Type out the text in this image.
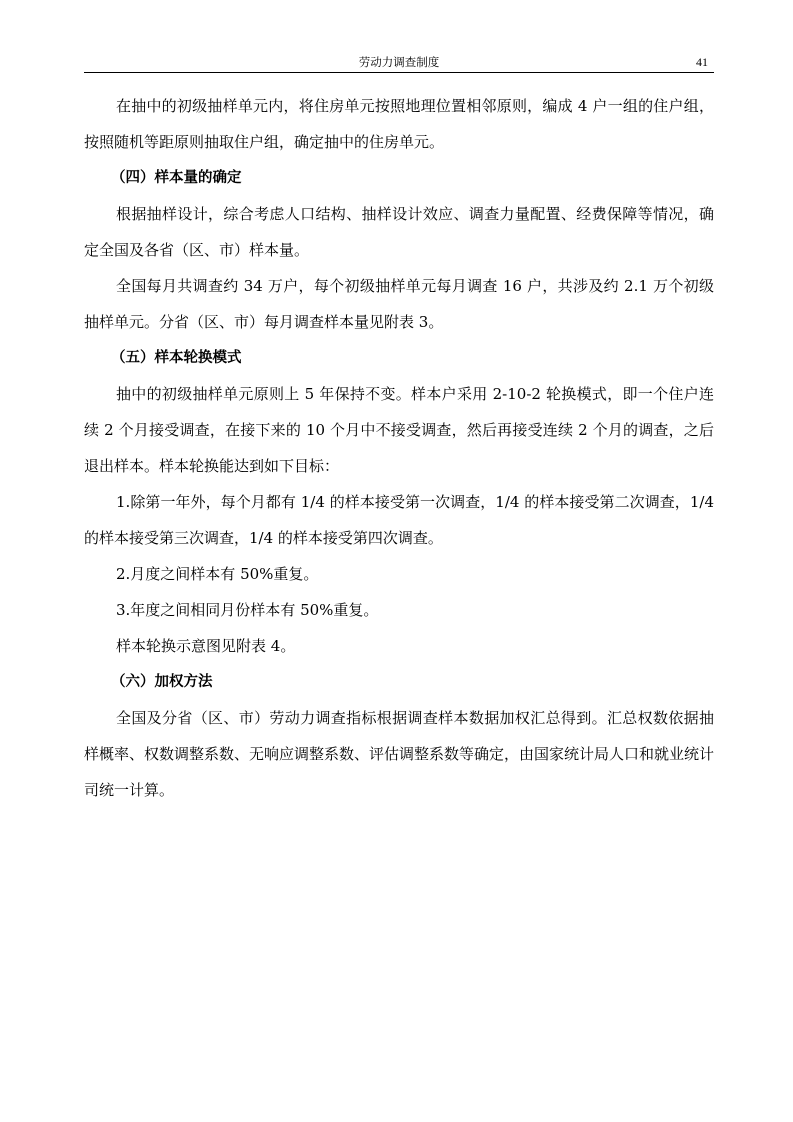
劳动力调查制度	41

在抽中的初级抽样单元内，将住房单元按照地理位置相邻原则，编成 4 户一组的住户组，按照随机等距原则抽取住户组，确定抽中的住房单元。

（四）样本量的确定

根据抽样设计，综合考虑人口结构、抽样设计效应、调查力量配置、经费保障等情况，确定全国及各省（区、市）样本量。

全国每月共调查约 34 万户，每个初级抽样单元每月调查 16 户，共涉及约 2.1 万个初级抽样单元。分省（区、市）每月调查样本量见附表 3。

（五）样本轮换模式

抽中的初级抽样单元原则上 5 年保持不变。样本户采用 2-10-2 轮换模式，即一个住户连续 2 个月接受调查，在接下来的 10 个月中不接受调查，然后再接受连续 2 个月的调查，之后退出样本。样本轮换能达到如下目标：

1.除第一年外，每个月都有 1/4 的样本接受第一次调查，1/4 的样本接受第二次调查，1/4 的样本接受第三次调查，1/4 的样本接受第四次调查。

2.月度之间样本有 50%重复。

3.年度之间相同月份样本有 50%重复。

样本轮换示意图见附表 4。

（六）加权方法

全国及分省（区、市）劳动力调查指标根据调查样本数据加权汇总得到。汇总权数依据抽样概率、权数调整系数、无响应调整系数、评估调整系数等确定，由国家统计局人口和就业统计司统一计算。
